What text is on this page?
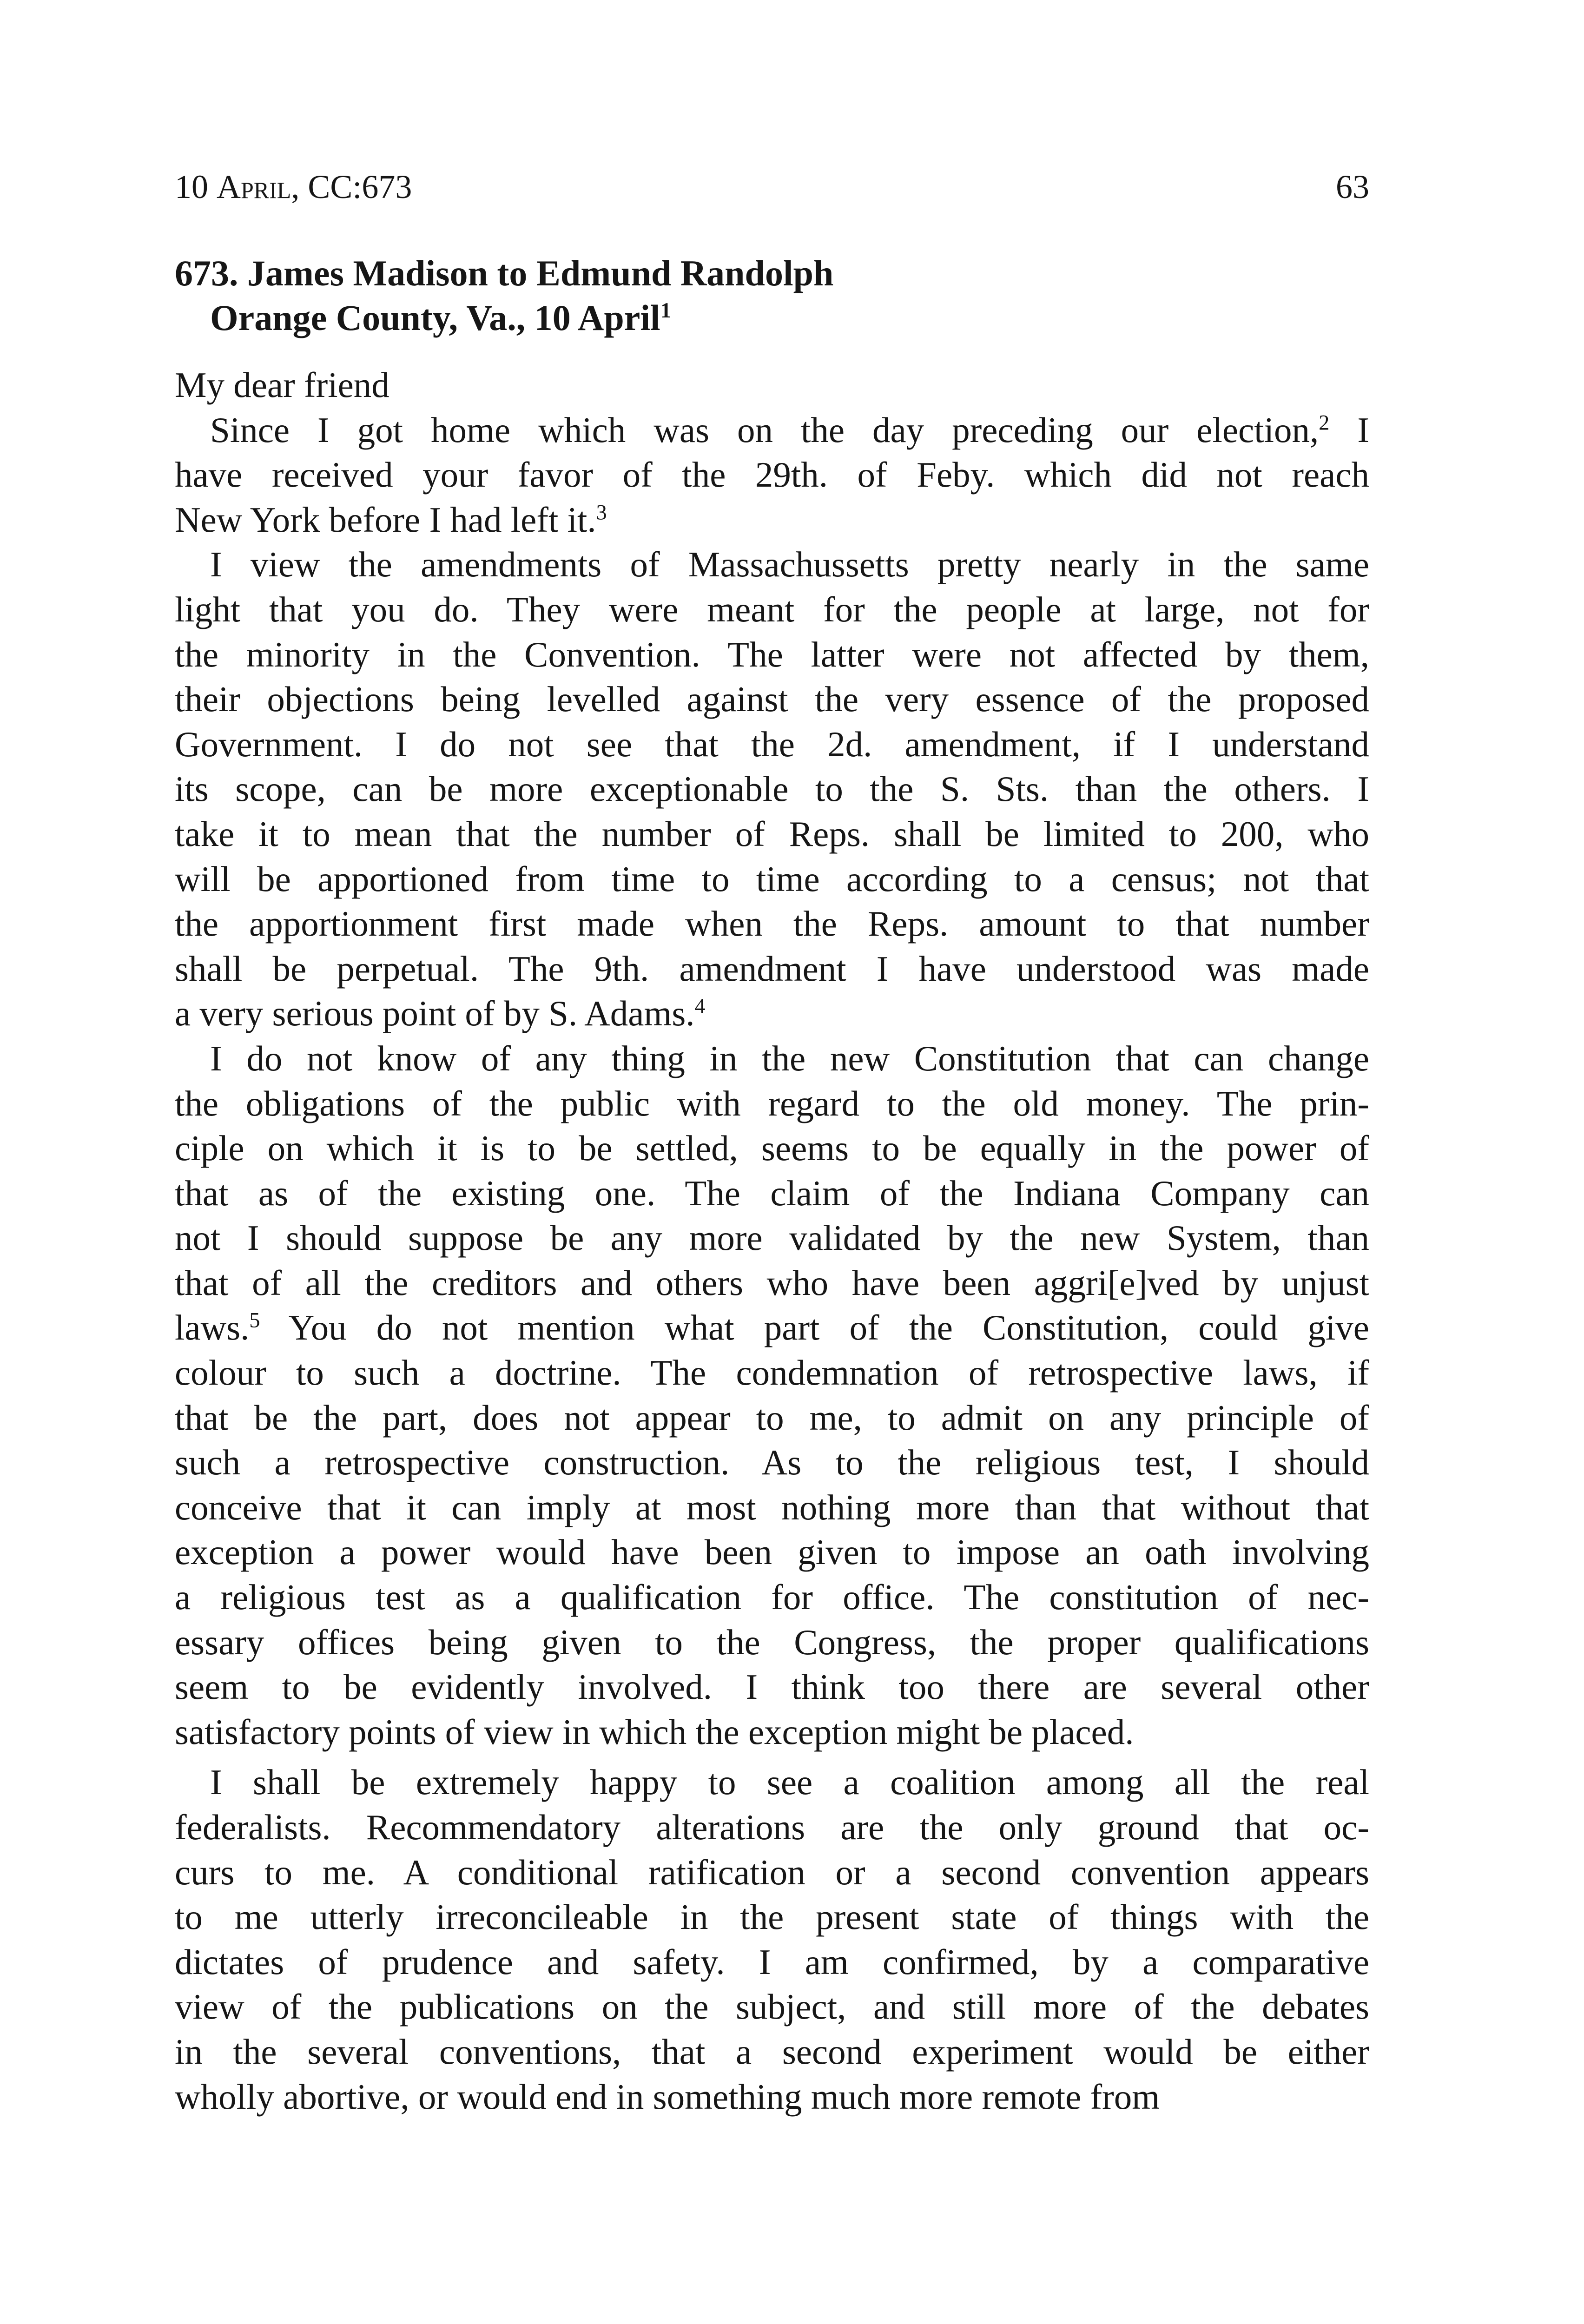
10 April, CC:673	63
673. James Madison to Edmund Randolph
Orange County, Va., 10 April$^1$

My dear friend

Since I got home which was on the day preceding our election,$^2$ I
have received your favor of the 29th. of Feby. which did not reach
New York before I had left it.$^3$
I view the amendments of Massachussetts pretty nearly in the same
light that you do. They were meant for the people at large, not for
the minority in the Convention. The latter were not affected by them,
their objections being levelled against the very essence of the proposed
Government. I do not see that the 2d. amendment, if I understand
its scope, can be more exceptionable to the S. Sts. than the others. I
take it to mean that the number of Reps. shall be limited to 200, who
will be apportioned from time to time according to a census; not that
the apportionment first made when the Reps. amount to that number
shall be perpetual. The 9th. amendment I have understood was made
a very serious point of by S. Adams.$^4$
I do not know of any thing in the new Constitution that can change
the obligations of the public with regard to the old money. The prin-
ciple on which it is to be settled, seems to be equally in the power of
that as of the existing one. The claim of the Indiana Company can
not I should suppose be any more validated by the new System, than
that of all the creditors and others who have been aggri[e]ved by unjust
laws.$^5$ You do not mention what part of the Constitution, could give
colour to such a doctrine. The condemnation of retrospective laws, if
that be the part, does not appear to me, to admit on any principle of
such a retrospective construction. As to the religious test, I should
conceive that it can imply at most nothing more than that without that
exception a power would have been given to impose an oath involving
a religious test as a qualification for office. The constitution of nec-
essary offices being given to the Congress, the proper qualifications
seem to be evidently involved. I think too there are several other
satisfactory points of view in which the exception might be placed.
I shall be extremely happy to see a coalition among all the real
federalists. Recommendatory alterations are the only ground that oc-
curs to me. A conditional ratification or a second convention appears
to me utterly irreconcileable in the present state of things with the
dictates of prudence and safety. I am confirmed, by a comparative
view of the publications on the subject, and still more of the debates
in the several conventions, that a second experiment would be either
wholly abortive, or would end in something much more remote from
